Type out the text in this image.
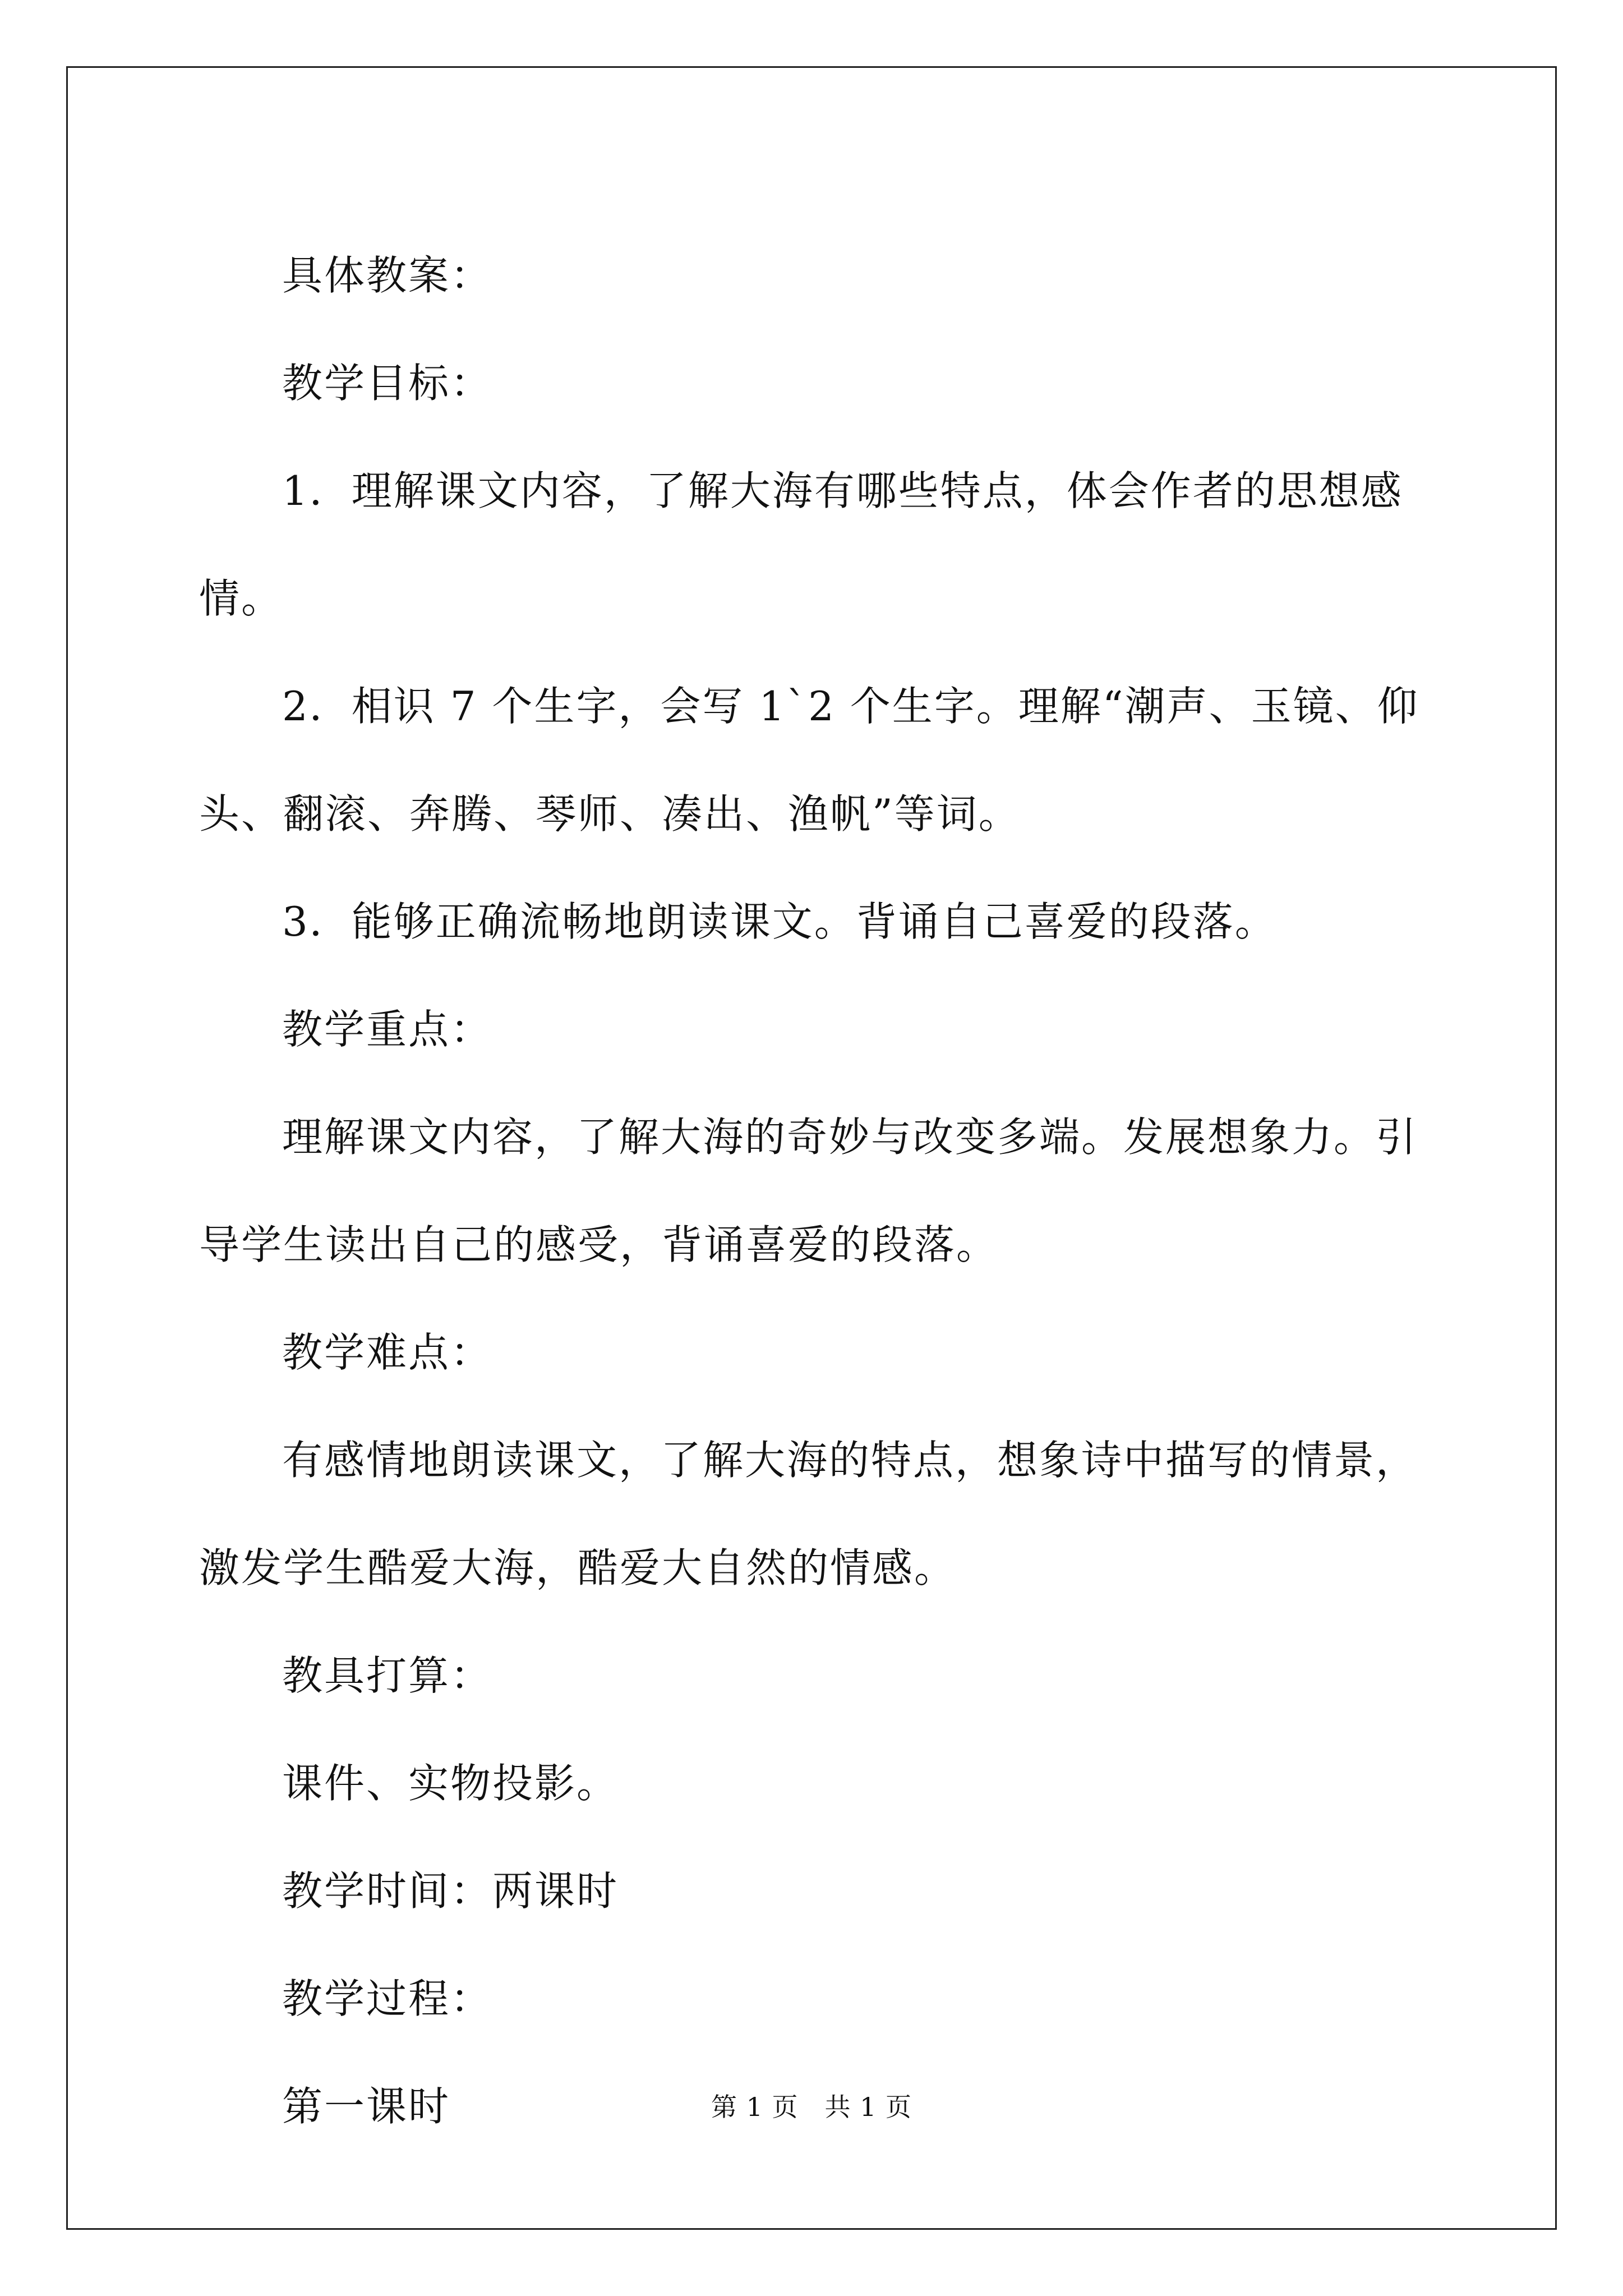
具体教案：

教学目标：

1．理解课文内容，了解大海有哪些特点，体会作者的思想感情。

2．相识 7 个生字，会写 1`2 个生字。理解“潮声、玉镜、仰头、翻滚、奔腾、琴师、凑出、渔帆”等词。

3．能够正确流畅地朗读课文。背诵自己喜爱的段落。

教学重点：

理解课文内容，了解大海的奇妙与改变多端。发展想象力。引导学生读出自己的感受，背诵喜爱的段落。

教学难点：

有感情地朗读课文，了解大海的特点，想象诗中描写的情景，激发学生酷爱大海，酷爱大自然的情感。

教具打算：

课件、实物投影。

教学时间：两课时

教学过程：

第一课时	第 1 页　共 1 页
